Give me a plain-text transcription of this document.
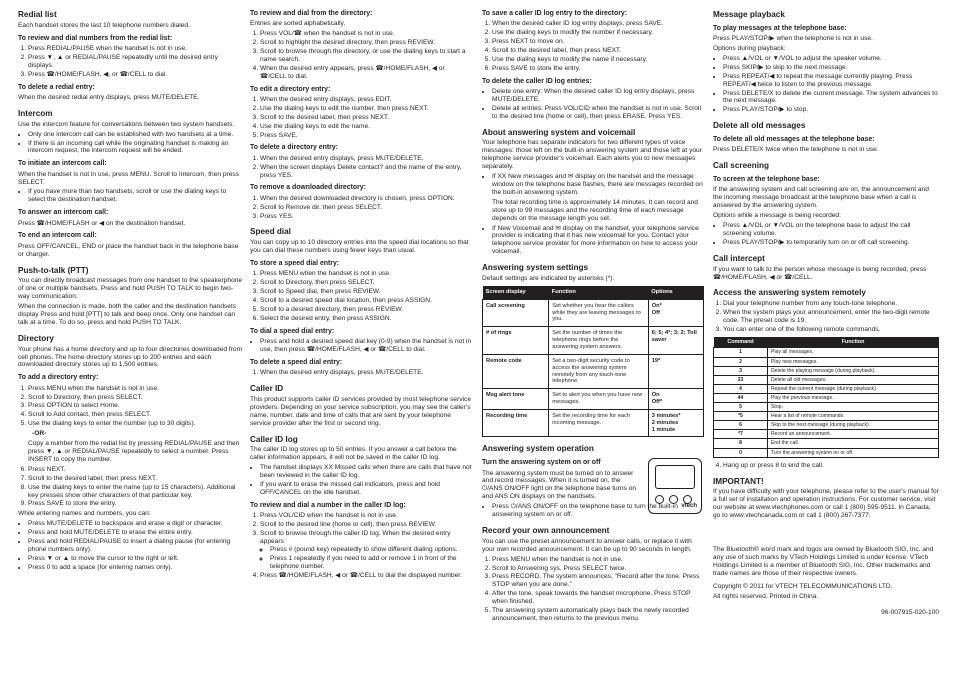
Redial list

Each handset stores the last 10 telephone numbers dialed.

To review and dial numbers from the redial list:
1. Press REDIAL/PAUSE when the handset is not in use.
2. Press ▼, ▲ or REDIAL/PAUSE repeatedly until the desired entry displays.
3. Press ☎/HOME/FLASH, ◀, or ☎/CELL to dial.
To delete a redial entry:

When the desired redial entry displays, press MUTE/DELETE.

Intercom

Use the intercom feature for conversations between two system handsets.

• Only one intercom call can be established with two handsets at a time.
• If there is an incoming call while the originating handset is making an intercom request, the intercom request will be ended.
To initiate an intercom call:

When the handset is not in use, press MENU. Scroll to Intercom, then press SELECT.

• If you have more than two handsets, scroll or use the dialing keys to select the destination handset.
To answer an intercom call:

Press ☎/HOME/FLASH or ◀ on the destination handset.

To end an intercom call:

Press OFF/CANCEL, END or place the handset back in the telephone base or charger.

Push-to-talk (PTT)

You can directly broadcast messages from one handset to the speakerphone of one or multiple handsets. Press and hold PUSH TO TALK to begin two-way communication.

When the connection is made, both the caller and the destination handsets display Press and hold [PTT] to talk and beep once. Only one handset can talk at a time. To do so, press and hold PUSH TO TALK.

Directory

Your phone has a home directory and up to four directories downloaded from cell phones. The home directory stores up to 200 entries and each downloaded directory stores up to 1,500 entries.

To add a directory entry:
1. Press MENU when the handset is not in use.
2. Scroll to Directory, then press SELECT.
3. Press OPTION to select Home.
4. Scroll to Add contact, then press SELECT.
5. Use the dialing keys to enter the number (up to 30 digits).

-OR-

Copy a number from the redial list by pressing REDIAL/PAUSE and then press ▼, ▲ or REDIAL/PAUSE repeatedly to select a number. Press INSERT to copy the number.

6. Press NEXT.
7. Scroll to the desired label, then press NEXT.
8. Use the dialing keys to enter the name (up to 15 characters). Additional key presses show other characters of that particular key.
9. Press SAVE to store the entry.

While entering names and numbers, you can:

• Press MUTE/DELETE to backspace and erase a digit or character.
• Press and hold MUTE/DELETE to erase the entire entry.
• Press and hold REDIAL/PAUSE to insert a dialing pause (for entering phone numbers only).
• Press ▼ or ▲ to move the cursor to the right or left.
• Press 0 to add a space (for entering names only).
To review and dial from the directory:

Entries are sorted alphabetically.

1. Press VOL/☎ when the handset is not in use.
2. Scroll to highlight the desired directory, then press REVIEW.
3. Scroll to browse through the directory, or use the dialing keys to start a name search.
4. When the desired entry appears, press ☎/HOME/FLASH, ◀ or ☎/CELL to dial.
To edit a directory entry:
1. When the desired entry displays, press EDIT.
2. Use the dialing keys to edit the number, then press NEXT.
3. Scroll to the desired label, then press NEXT.
4. Use the dialing keys to edit the name.
5. Press SAVE.
To delete a directory entry:
1. When the desired entry displays, press MUTE/DELETE.
2. When the screen displays Delete contact? and the name of the entry, press YES.
To remove a downloaded directory:
1. When the desired downloaded directory is chosen, press OPTION.
2. Scroll to Remove dir, then press SELECT.
3. Press YES.
Speed dial

You can copy up to 10 directory entries into the speed dial locations so that you can dial these numbers using fewer keys than usual.

To store a speed dial entry:
1. Press MENU when the handset is not in use.
2. Scroll to Directory, then press SELECT.
3. Scroll to Speed dial, then press REVIEW.
4. Scroll to a desired speed dial location, then press ASSIGN.
5. Scroll to a desired directory, then press REVIEW.
6. Select the desired entry, then press ASSIGN.
To dial a speed dial entry:
• Press and hold a desired speed dial key (0-9) when the handset is not in use, then press ☎/HOME/FLASH, ◀ or ☎/CELL to dial.
To delete a speed dial entry:
1. When the desired entry displays, press MUTE/DELETE.
Caller ID

This product supports caller ID services provided by most telephone service providers. Depending on your service subscription, you may see the caller's name, number, date and time of calls that are sent by your telephone service provider after the first or second ring.

Caller ID log

The caller ID log stores up to 50 entries. If you answer a call before the caller information appears, it will not be saved in the caller ID log.

• The handset displays XX Missed calls when there are calls that have not been reviewed in the caller ID log.
• If you want to erase the missed call indicators, press and hold OFF/CANCEL on the idle handset.
To review and dial a number in the caller ID log:
1. Press VOL/CID when the handset is not in use.
2. Scroll to the desired line (home or cell), then press REVIEW.
3. Scroll to browse through the caller ID log. When the desired entry appears:
◦ Press # (pound key) repeatedly to show different dialing options.
◦ Press 1 repeatedly if you need to add or remove 1 in front of the telephone number.
4. Press ☎/HOME/FLASH, ◀ or ☎/CELL to dial the displayed number.
To save a caller ID log entry to the directory:
1. When the desired caller ID log entry displays, press SAVE.
2. Use the dialing keys to modify the number if necessary.
3. Press NEXT to move on.
4. Scroll to the desired label, then press NEXT.
5. Use the dialing keys to modify the name if necessary.
6. Press SAVE to store the entry.
To delete the caller ID log entries:
• Delete one entry: When the desired caller ID log entry displays, press MUTE/DELETE.
• Delete all entries: Press VOL/CID when the handset is not in use. Scroll to the desired line (home or cell), then press ERASE. Press YES.
About answering system and voicemail

Your telephone has separate indicators for two different types of voice messages: those left on the built-in answering system and those left at your telephone service provider's voicemail. Each alerts you to new messages separately.

• If XX New messages and ✉ display on the handset and the message window on the telephone base flashes, there are messages recorded on the built-in answering system.

The total recording time is approximately 14 minutes. It can record and store up to 99 messages and the recording time of each message depends on the message length you set.

• If New Voicemail and ✉ display on the handset, your telephone service provider is indicating that it has new voicemail for you. Contact your telephone service provider for more information on how to access your voicemail.
Answering system settings

Default settings are indicated by asterisks (*).

Screen display	Function	Options
Call screening	Set whether you hear the callers while they are leaving messages to you.	On*
Off
# of rings	Set the number of times the telephone rings before the answering system answers.	6; 5; 4*; 3; 2; Toll saver
Remote code	Set a two-digit security code to access the answering system remotely from any touch-tone telephone.	19*
Msg alert tone	Set to alert you when you have new messages.	On
Off*
Recording time	Set the recording time for each incoming message.	3 minutes*
2 minutes
1 minute
Answering system operation
Turn the answering system on or off
vtech

The answering system must be turned on to answer and record messages. When it is turned on, the ⏻/ANS ON/OFF light on the telephone base turns on and ANS ON displays on the handsets.

• Press ⏻/ANS ON/OFF on the telephone base to turn the built-in answering system on or off.
Record your own announcement

You can use the preset announcement to answer calls, or replace it with your own recorded announcement. It can be up to 90 seconds in length.

1. Press MENU when the handset is not in use.
2. Scroll to Answering sys. Press SELECT twice.
3. Press RECORD. The system announces, "Record after the tone. Press STOP when you are done."
4. After the tone, speak towards the handset microphone. Press STOP when finished.
5. The answering system automatically plays back the newly recorded announcement, then returns to the previous menu.
Message playback
To play messages at the telephone base:

Press PLAY/STOP/▶ when the telephone is not in use.

Options during playback:

• Press ▲/VOL or ▼/VOL to adjust the speaker volume.
• Press SKIP/▶ to skip to the next message.
• Press REPEAT/◀ to repeat the message currently playing. Press REPEAT/◀ twice to listen to the previous message.
• Press DELETE/X to delete the current message. The system advances to the next message.
• Press PLAY/STOP/▶ to stop.
Delete all old messages
To delete all old messages at the telephone base:

Press DELETE/X twice when the telephone is not in use.

Call screening
To screen at the telephone base:

If the answering system and call screening are on, the announcement and the incoming message broadcast at the telephone base when a call is answered by the answering system.

Options while a message is being recorded:

• Press ▲/VOL or ▼/VOL on the telephone base to adjust the call screening volume.
• Press PLAY/STOP/▶ to temporarily turn on or off call screening.
Call intercept

If you want to talk to the person whose message is being recorded, press ☎/HOME/FLASH, ◀ or ☎/CELL.

Access the answering system remotely
1. Dial your telephone number from any touch-tone telephone.
2. When the system plays your announcement, enter the two-digit remote code. The preset code is 19.
3. You can enter one of the following remote commands.
Command	Function
1	Play all messages.
2	Play new messages.
3	Delete the playing message (during playback).
33	Delete all old messages.
4	Repeat the current message (during playback).
44	Play the previous message.
5	Stop.
*5	Hear a list of remote commands.
6	Skip to the next message (during playback).
*7	Record an announcement.
8	End the call.
0	Turn the answering system on or off.
4. Hang up or press 8 to end the call.
IMPORTANT!

If you have difficulty with your telephone, please refer to the user's manual for a full set of installation and operation instructions. For customer service, visit our website at www.vtechphones.com or call 1 (800) 595-9511. In Canada, go to www.vtechcanada.com or call 1 (800) 267-7377.

The Bluetooth® word mark and logos are owned by Bluetooth SIG, Inc. and any use of such marks by VTech Holdings Limited is under license. VTech Holdings Limited is a member of Bluetooth SIG, Inc. Other trademarks and trade names are those of their respective owners.

Copyright © 2011 for VTECH TELECOMMUNICATIONS LTD.

All rights reserved. Printed in China.

96-007915-020-100
